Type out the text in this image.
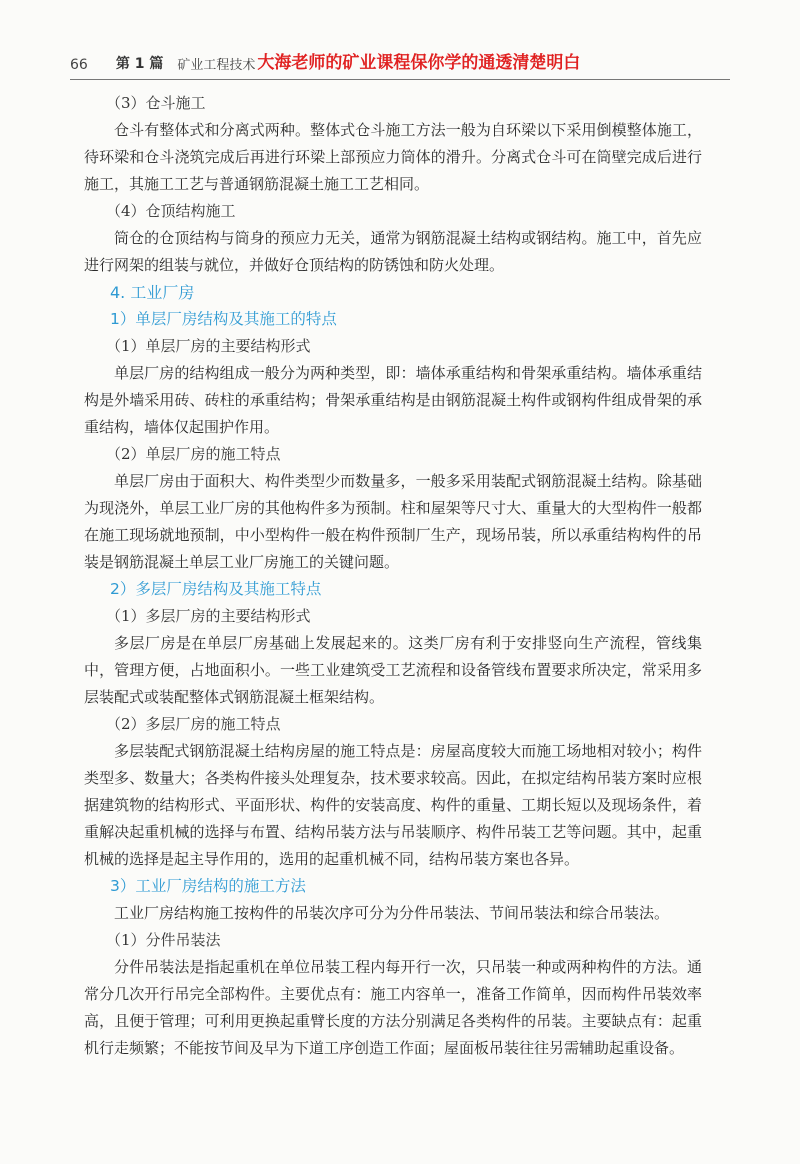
66 第 1 篇 矿业工程技术 大海老师的矿业课程保你学的通透清楚明白
（3）仓斗施工
仓斗有整体式和分离式两种。整体式仓斗施工方法一般为自环梁以下采用倒模整体施工，待环梁和仓斗浇筑完成后再进行环梁上部预应力筒体的滑升。分离式仓斗可在筒壁完成后进行施工，其施工工艺与普通钢筋混凝土施工工艺相同。
（4）仓顶结构施工
筒仓的仓顶结构与筒身的预应力无关，通常为钢筋混凝土结构或钢结构。施工中，首先应进行网架的组装与就位，并做好仓顶结构的防锈蚀和防火处理。
4. 工业厂房
1）单层厂房结构及其施工的特点
（1）单层厂房的主要结构形式
单层厂房的结构组成一般分为两种类型，即：墙体承重结构和骨架承重结构。墙体承重结构是外墙采用砖、砖柱的承重结构；骨架承重结构是由钢筋混凝土构件或钢构件组成骨架的承重结构，墙体仅起围护作用。
（2）单层厂房的施工特点
单层厂房由于面积大、构件类型少而数量多，一般多采用装配式钢筋混凝土结构。除基础为现浇外，单层工业厂房的其他构件多为预制。柱和屋架等尺寸大、重量大的大型构件一般都在施工现场就地预制，中小型构件一般在构件预制厂生产，现场吊装，所以承重结构构件的吊装是钢筋混凝土单层工业厂房施工的关键问题。
2）多层厂房结构及其施工特点
（1）多层厂房的主要结构形式
多层厂房是在单层厂房基础上发展起来的。这类厂房有利于安排竖向生产流程，管线集中，管理方便，占地面积小。一些工业建筑受工艺流程和设备管线布置要求所决定，常采用多层装配式或装配整体式钢筋混凝土框架结构。
（2）多层厂房的施工特点
多层装配式钢筋混凝土结构房屋的施工特点是：房屋高度较大而施工场地相对较小；构件类型多、数量大；各类构件接头处理复杂，技术要求较高。因此，在拟定结构吊装方案时应根据建筑物的结构形式、平面形状、构件的安装高度、构件的重量、工期长短以及现场条件，着重解决起重机械的选择与布置、结构吊装方法与吊装顺序、构件吊装工艺等问题。其中，起重机械的选择是起主导作用的，选用的起重机械不同，结构吊装方案也各异。
3）工业厂房结构的施工方法
工业厂房结构施工按构件的吊装次序可分为分件吊装法、节间吊装法和综合吊装法。
（1）分件吊装法
分件吊装法是指起重机在单位吊装工程内每开行一次，只吊装一种或两种构件的方法。通常分几次开行吊完全部构件。主要优点有：施工内容单一，准备工作简单，因而构件吊装效率高，且便于管理；可利用更换起重臂长度的方法分别满足各类构件的吊装。主要缺点有：起重机行走频繁；不能按节间及早为下道工序创造工作面；屋面板吊装往往另需辅助起重设备。
